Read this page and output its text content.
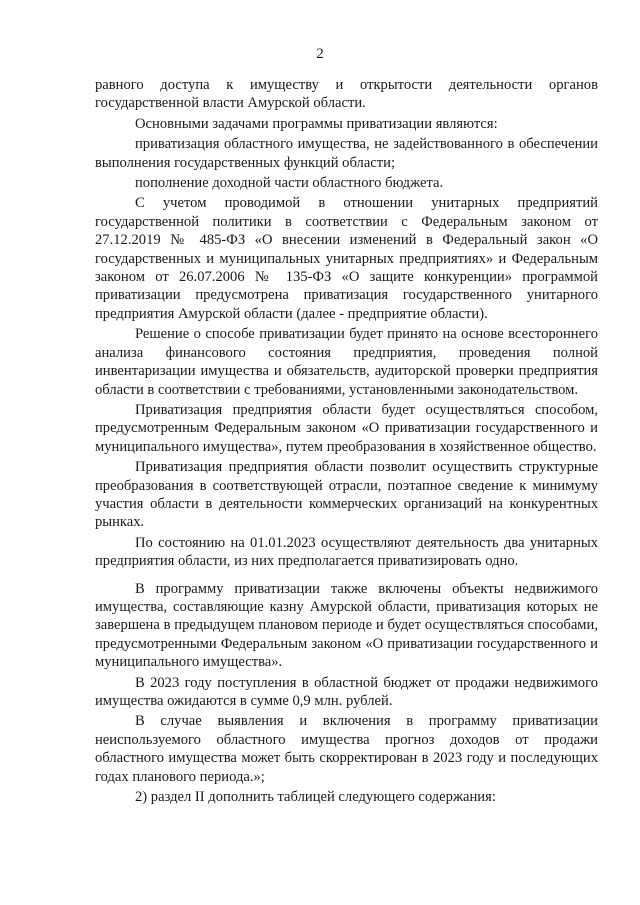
2

равного доступа к имуществу и открытости деятельности органов государственной власти Амурской области.

Основными задачами программы приватизации являются:

приватизация областного имущества, не задействованного в обеспечении выполнения государственных функций области;

пополнение доходной части областного бюджета.

С учетом проводимой в отношении унитарных предприятий государственной политики в соответствии с Федеральным законом от 27.12.2019 № 485-ФЗ «О внесении изменений в Федеральный закон «О государственных и муниципальных унитарных предприятиях» и Федеральным законом от 26.07.2006 № 135-ФЗ «О защите конкуренции» программой приватизации предусмотрена приватизация государственного унитарного предприятия Амурской области (далее - предприятие области).

Решение о способе приватизации будет принято на основе всестороннего анализа финансового состояния предприятия, проведения полной инвентаризации имущества и обязательств, аудиторской проверки предприятия области в соответствии с требованиями, установленными законодательством.

Приватизация предприятия области будет осуществляться способом, предусмотренным Федеральным законом «О приватизации государственного и муниципального имущества», путем преобразования в хозяйственное общество.

Приватизация предприятия области позволит осуществить структурные преобразования в соответствующей отрасли, поэтапное сведение к минимуму участия области в деятельности коммерческих организаций на конкурентных рынках.

По состоянию на 01.01.2023 осуществляют деятельность два унитарных предприятия области, из них предполагается приватизировать одно.

В программу приватизации также включены объекты недвижимого имущества, составляющие казну Амурской области, приватизация которых не завершена в предыдущем плановом периоде и будет осуществляться способами, предусмотренными Федеральным законом «О приватизации государственного и муниципального имущества».

В 2023 году поступления в областной бюджет от продажи недвижимого имущества ожидаются в сумме 0,9 млн. рублей.

В случае выявления и включения в программу приватизации неиспользуемого областного имущества прогноз доходов от продажи областного имущества может быть скорректирован в 2023 году и последующих годах планового периода.»;

2) раздел II дополнить таблицей следующего содержания:
